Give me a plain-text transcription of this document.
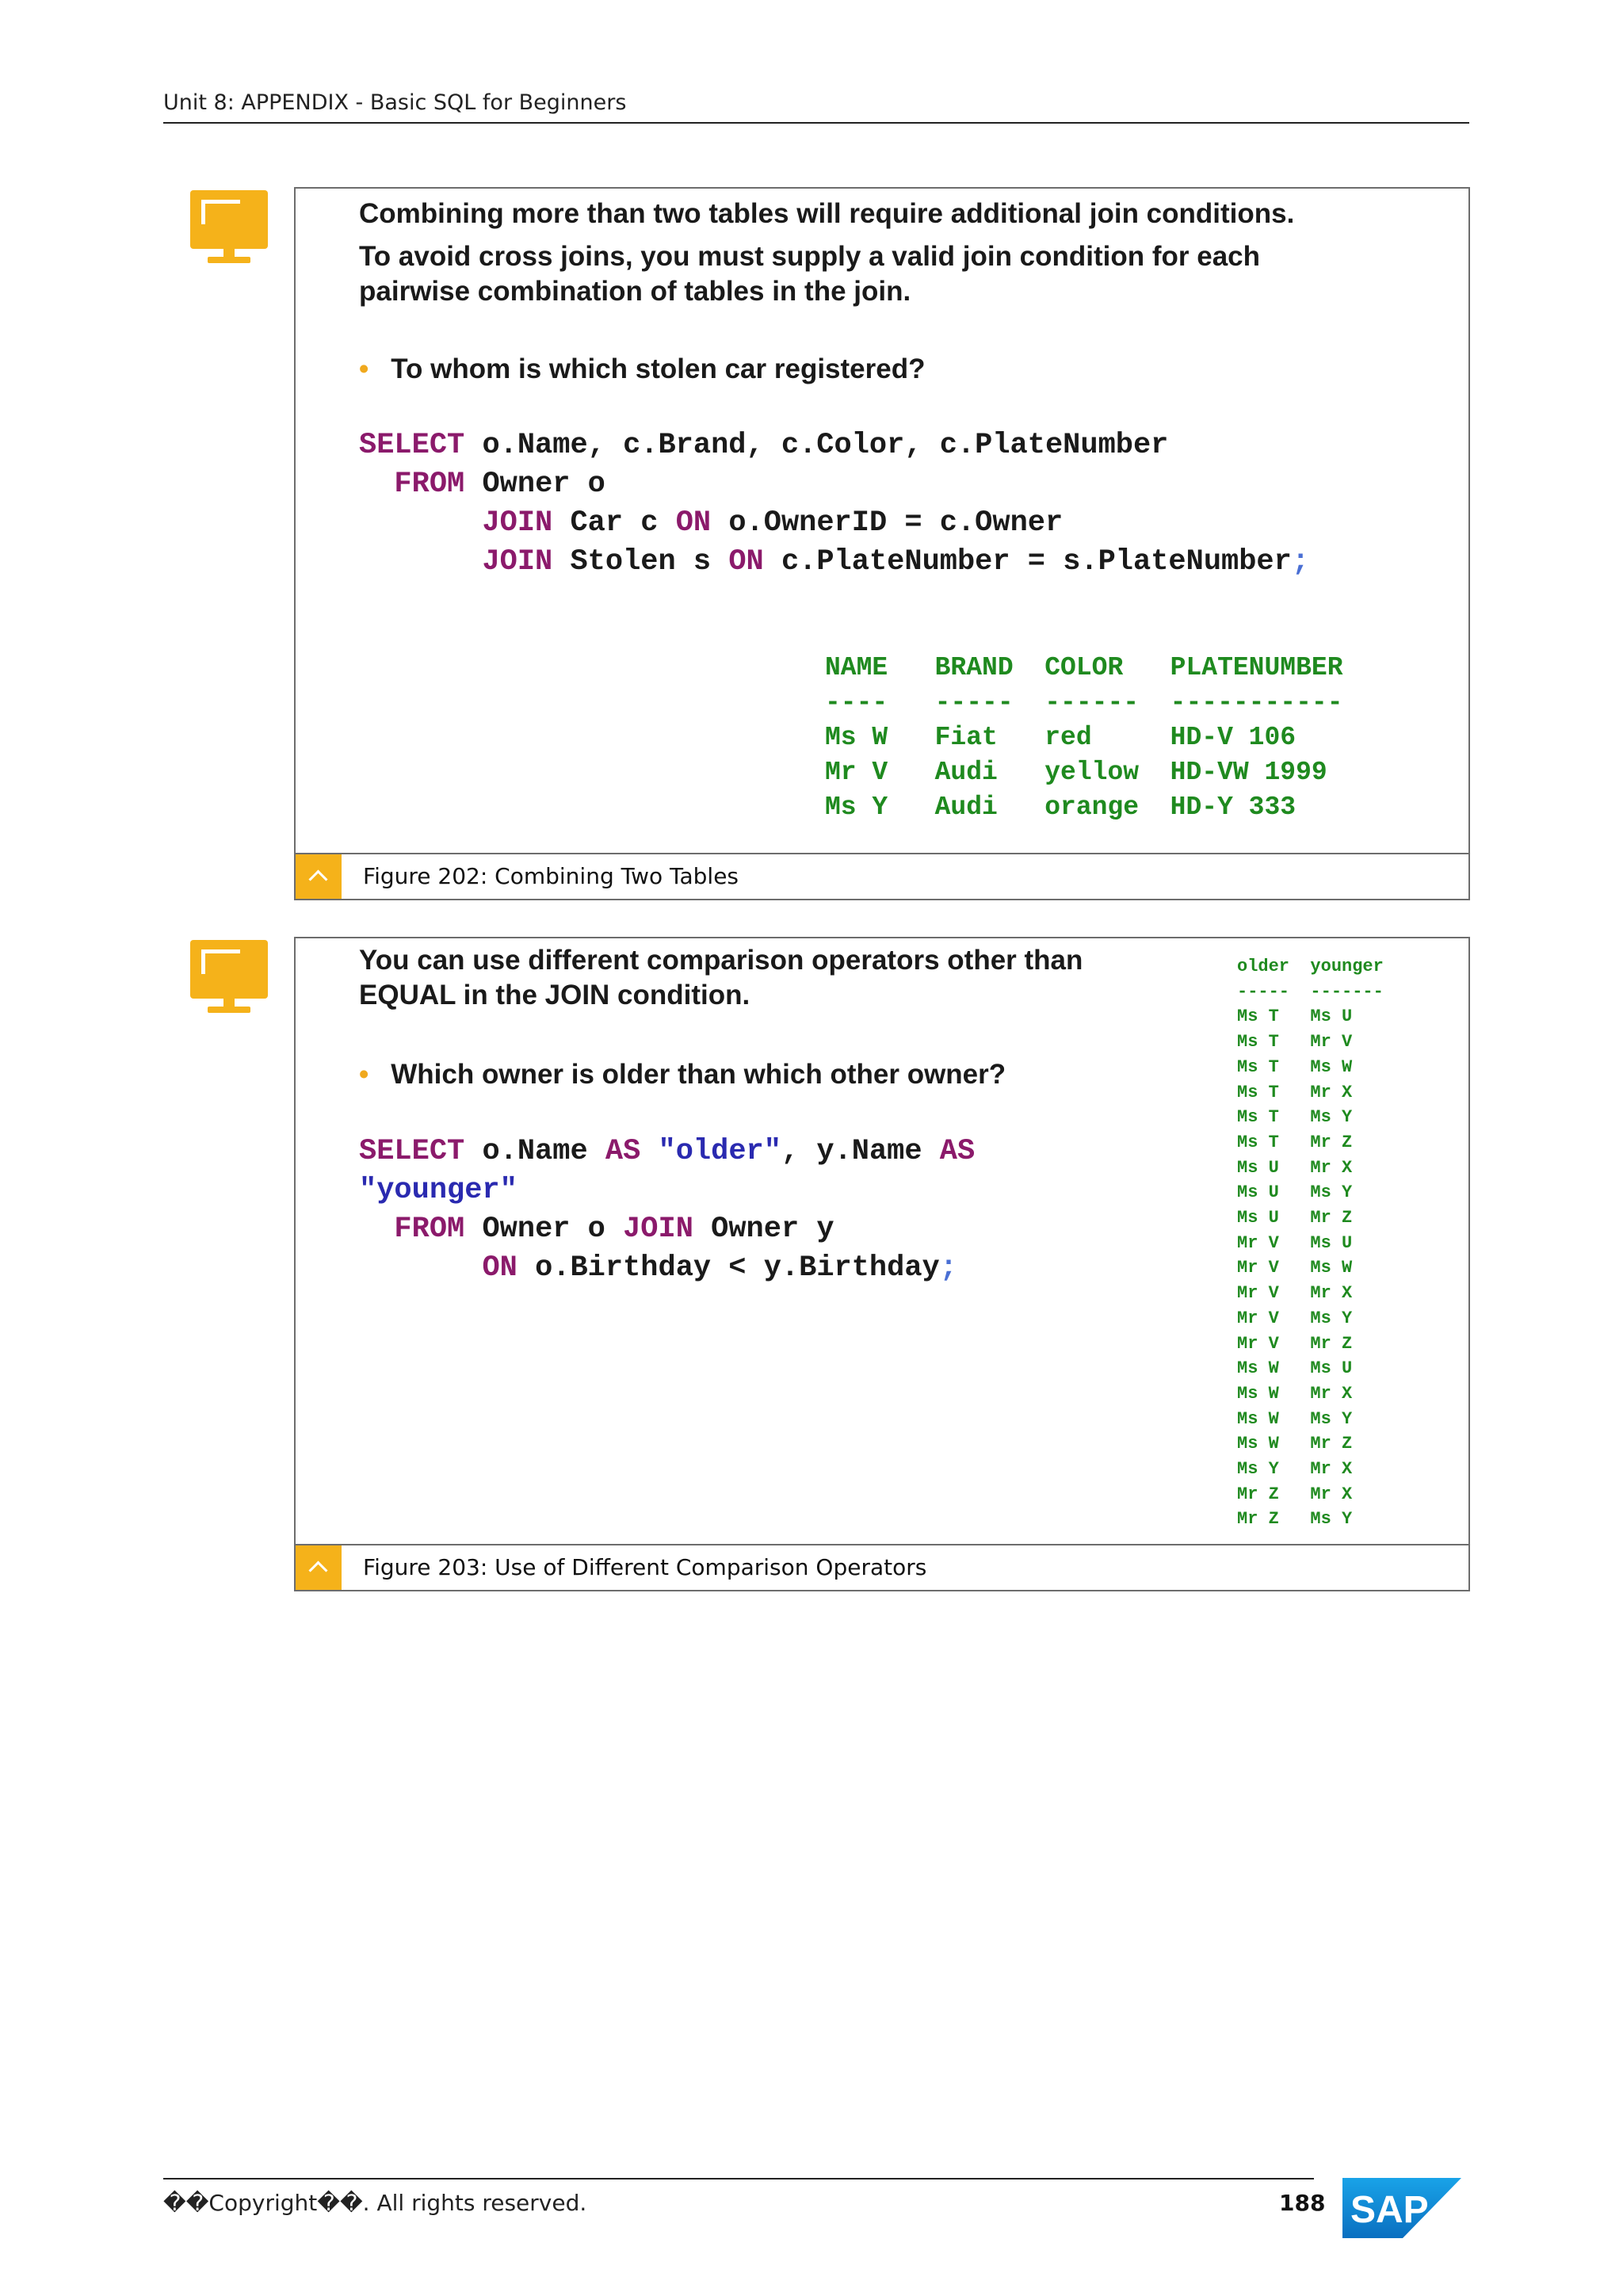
Unit 8: APPENDIX - Basic SQL for Beginners
Combining more than two tables will require additional join conditions.
To avoid cross joins, you must supply a valid join condition for each
pairwise combination of tables in the join.
• To whom is which stolen car registered?
SELECT o.Name, c.Brand, c.Color, c.PlateNumber
FROM Owner o
JOIN Car c ON o.OwnerID = c.Owner
JOIN Stolen s ON c.PlateNumber = s.PlateNumber;
NAME   BRAND  COLOR   PLATENUMBER
----   -----  ------  -----------
Ms W   Fiat   red     HD-V 106
Mr V   Audi   yellow  HD-VW 1999
Ms Y   Audi   orange  HD-Y 333
Figure 202: Combining Two Tables
You can use different comparison operators other than
EQUAL in the JOIN condition.
• Which owner is older than which other owner?
SELECT o.Name AS "older", y.Name AS
"younger"
FROM Owner o JOIN Owner y
ON o.Birthday < y.Birthday;
older  younger
-----  -------
Ms T   Ms U
Ms T   Mr V
Ms T   Ms W
Ms T   Mr X
Ms T   Ms Y
Ms T   Mr Z
Ms U   Mr X
Ms U   Ms Y
Ms U   Mr Z
Mr V   Ms U
Mr V   Ms W
Mr V   Mr X
Mr V   Ms Y
Mr V   Mr Z
Ms W   Ms U
Ms W   Mr X
Ms W   Ms Y
Ms W   Mr Z
Ms Y   Mr X
Mr Z   Mr X
Mr Z   Ms Y
Figure 203: Use of Different Comparison Operators
��Copyright��. All rights reserved.	188 SAP
